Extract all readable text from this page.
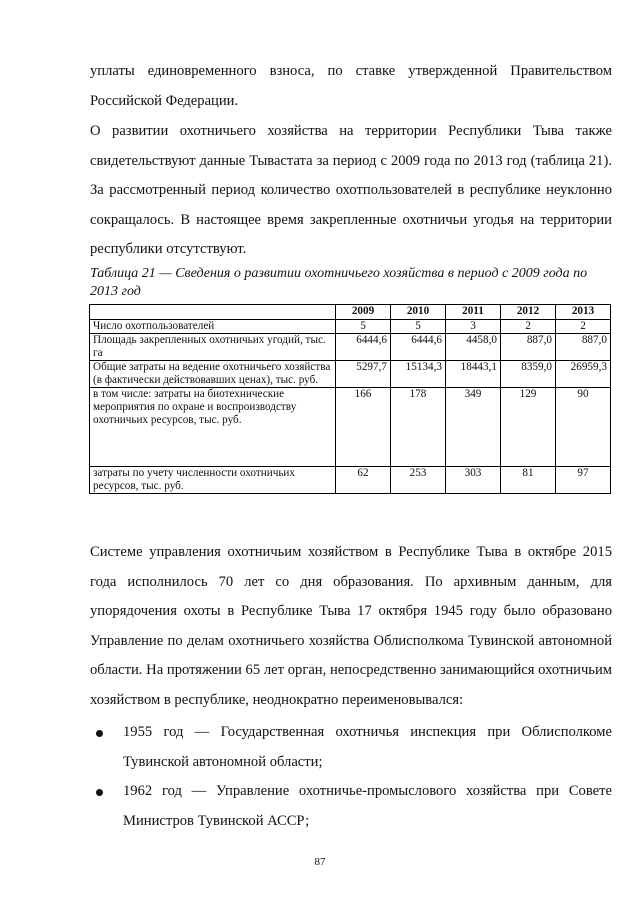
уплаты единовременного взноса, по ставке утвержденной Правительством Российской Федерации.

О развитии охотничьего хозяйства на территории Республики Тыва также свидетельствуют данные Тывастата за период с 2009 года по 2013 год (таблица 21). За рассмотренный период количество охотпользователей в республике неуклонно сокращалось. В настоящее время закрепленные охотничьи угодья на территории республики отсутствуют.

Таблица 21 — Сведения о развитии охотничьего хозяйства в период с 2009 года по 2013 год

	2009	2010	2011	2012	2013
Число охотпользователей	5	5	3	2	2
Площадь закрепленных охотничьих угодий, тыс. га	6444,6	6444,6	4458,0	887,0	887,0
Общие затраты на ведение охотничьего хозяйства (в фактически действовавших ценах), тыс. руб.	5297,7	15134,3	18443,1	8359,0	26959,3
в том числе: затраты на биотехнические мероприятия по охране и воспроизводству охотничьих ресурсов, тыс. руб.	166	178	349	129	90
затраты по учету численности охотничьих ресурсов, тыс. руб.	62	253	303	81	97

Системе управления охотничьим хозяйством в Республике Тыва в октябре 2015 года исполнилось 70 лет со дня образования. По архивным данным, для упорядочения охоты в Республике Тыва 17 октября 1945 году было образовано Управление по делам охотничьего хозяйства Облисполкома Тувинской автономной области. На протяжении 65 лет орган, непосредственно занимающийся охотничьим хозяйством в республике, неоднократно переименовывался:

1955 год — Государственная охотничья инспекция при Облисполкоме Тувинской автономной области;
1962 год — Управление охотничье-промыслового хозяйства при Совете Министров Тувинской АССР;
87
